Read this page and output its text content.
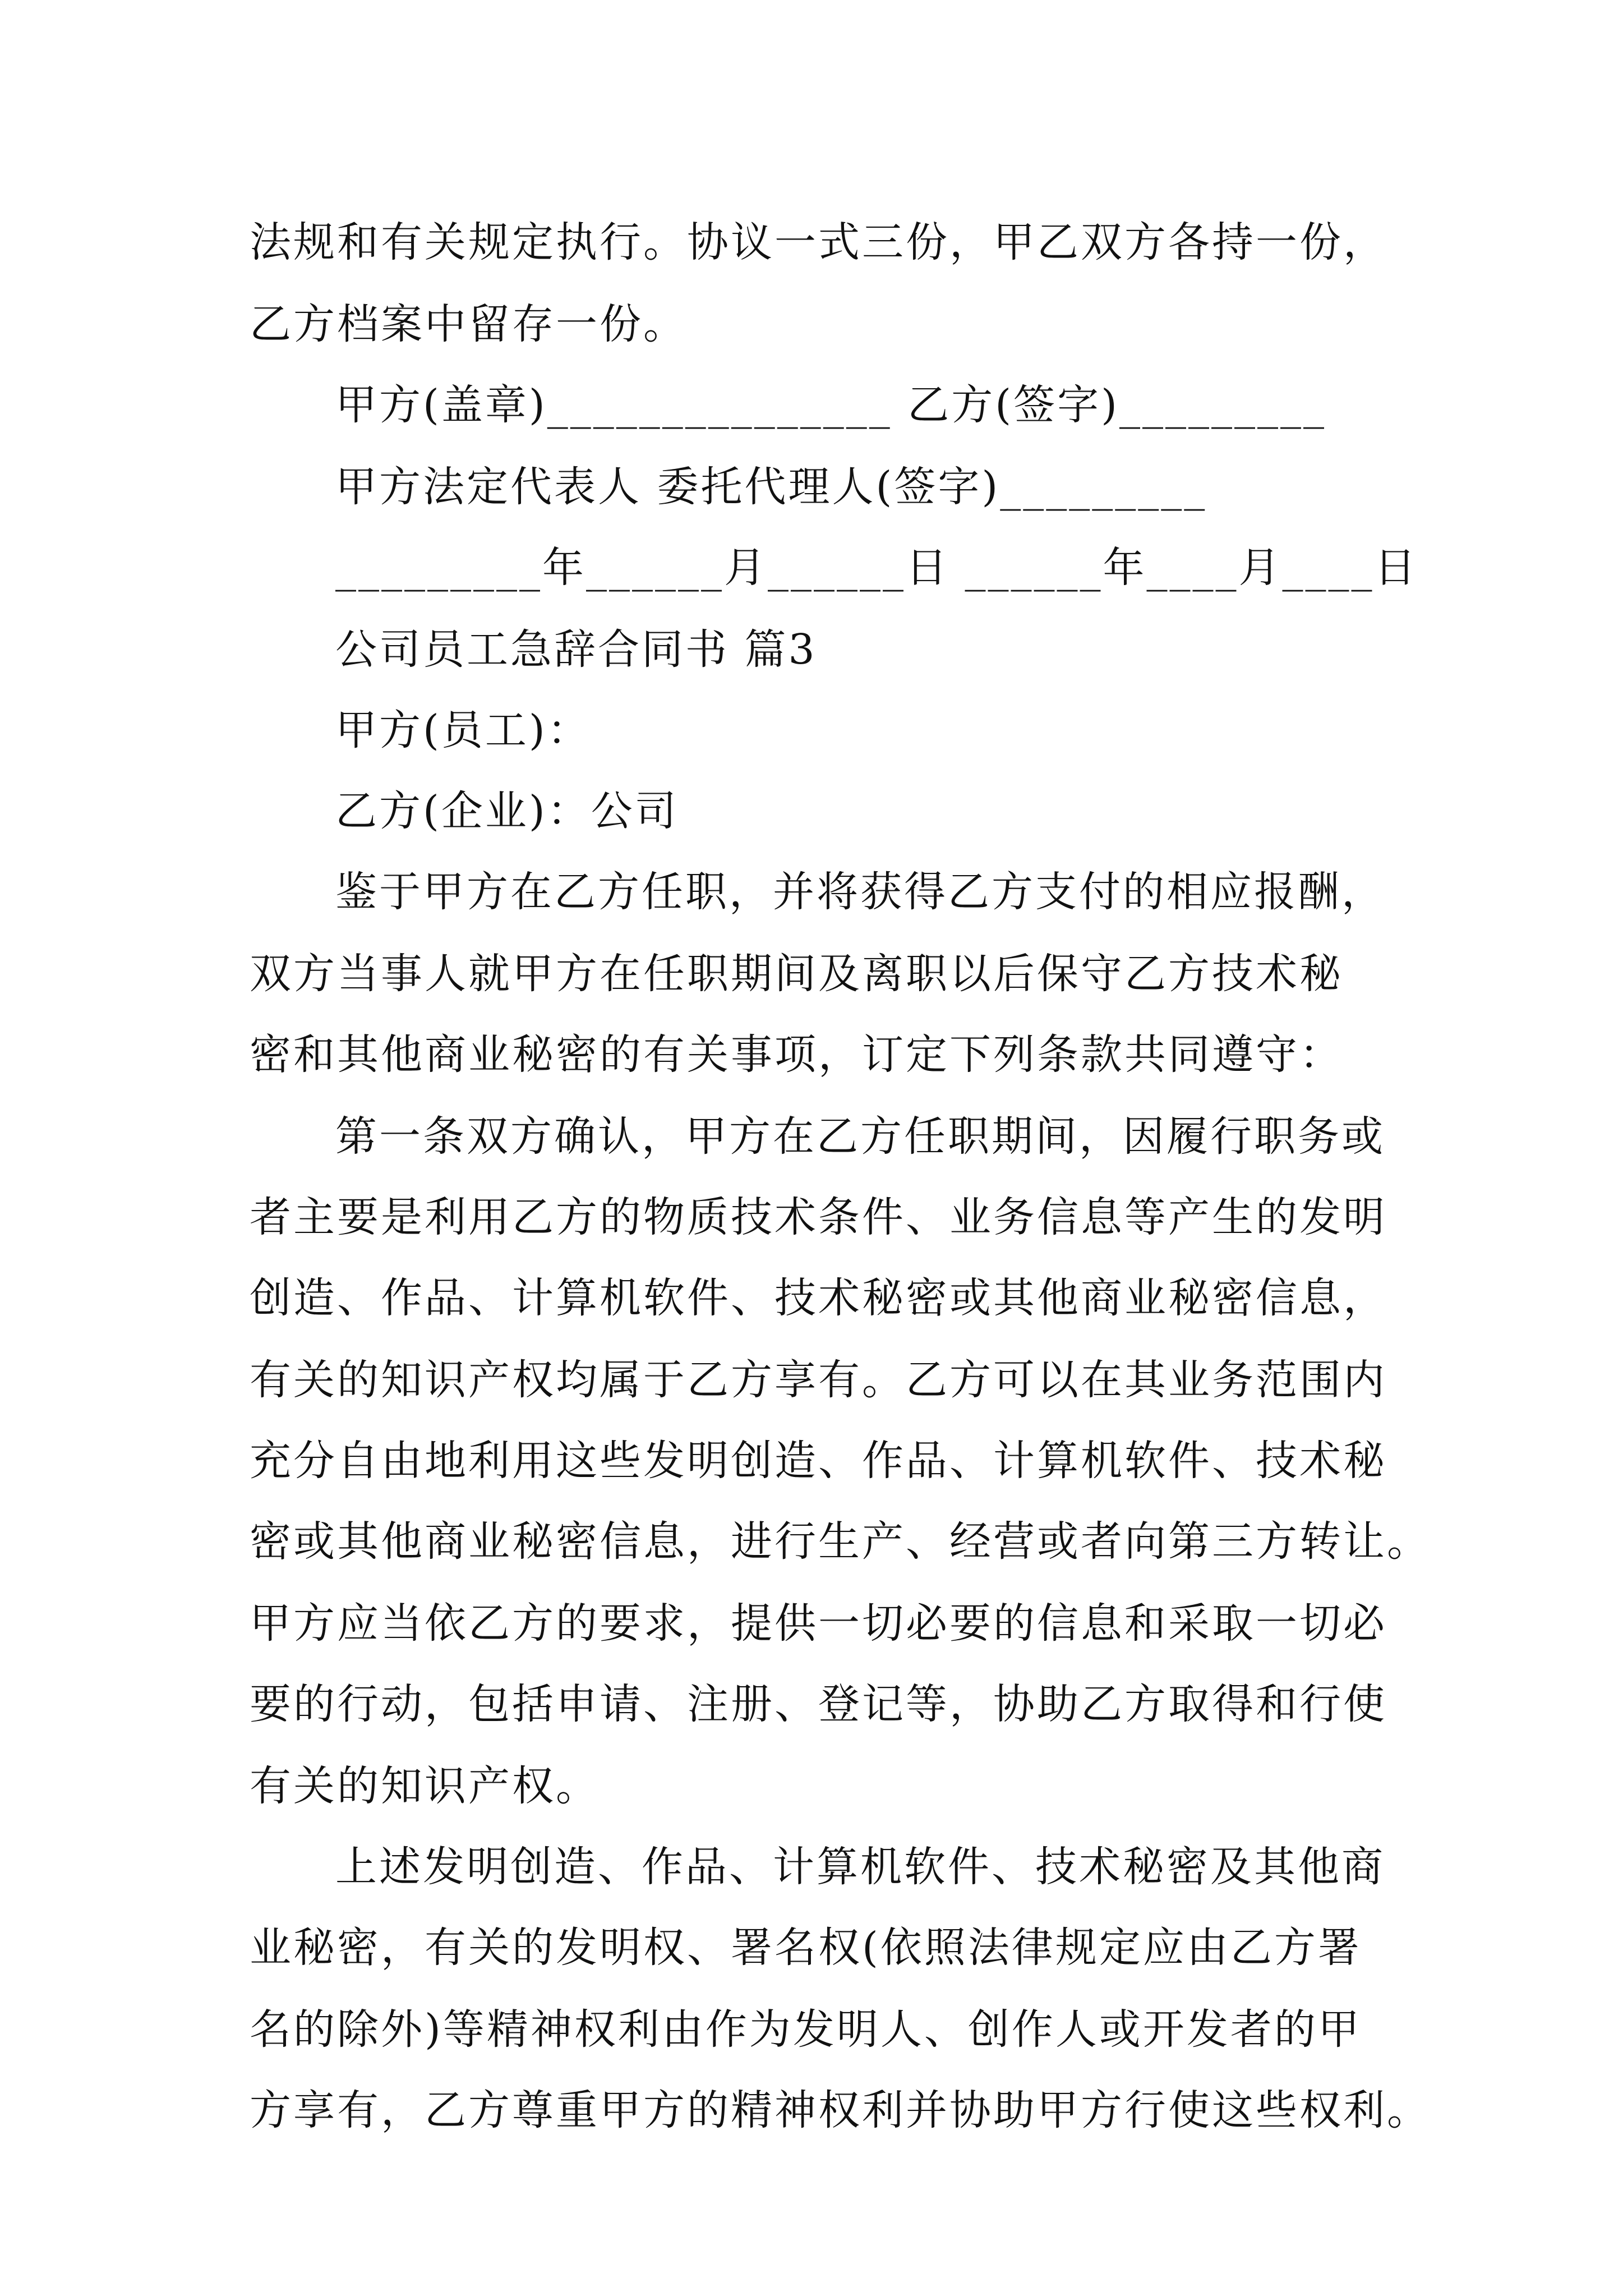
法规和有关规定执行。协议一式三份，甲乙双方各持一份，
乙方档案中留存一份。
甲方(盖章)_______________ 乙方(签字)_________
甲方法定代表人 委托代理人(签字)_________
_________年______月______日 ______年____月____日
公司员工急辞合同书 篇3
甲方(员工)：
乙方(企业)：公司
鉴于甲方在乙方任职，并将获得乙方支付的相应报酬，
双方当事人就甲方在任职期间及离职以后保守乙方技术秘
密和其他商业秘密的有关事项，订定下列条款共同遵守：
第一条双方确认，甲方在乙方任职期间，因履行职务或
者主要是利用乙方的物质技术条件、业务信息等产生的发明
创造、作品、计算机软件、技术秘密或其他商业秘密信息，
有关的知识产权均属于乙方享有。乙方可以在其业务范围内
充分自由地利用这些发明创造、作品、计算机软件、技术秘
密或其他商业秘密信息，进行生产、经营或者向第三方转让。
甲方应当依乙方的要求，提供一切必要的信息和采取一切必
要的行动，包括申请、注册、登记等，协助乙方取得和行使
有关的知识产权。
上述发明创造、作品、计算机软件、技术秘密及其他商
业秘密，有关的发明权、署名权(依照法律规定应由乙方署
名的除外)等精神权利由作为发明人、创作人或开发者的甲
方享有，乙方尊重甲方的精神权利并协助甲方行使这些权利。
